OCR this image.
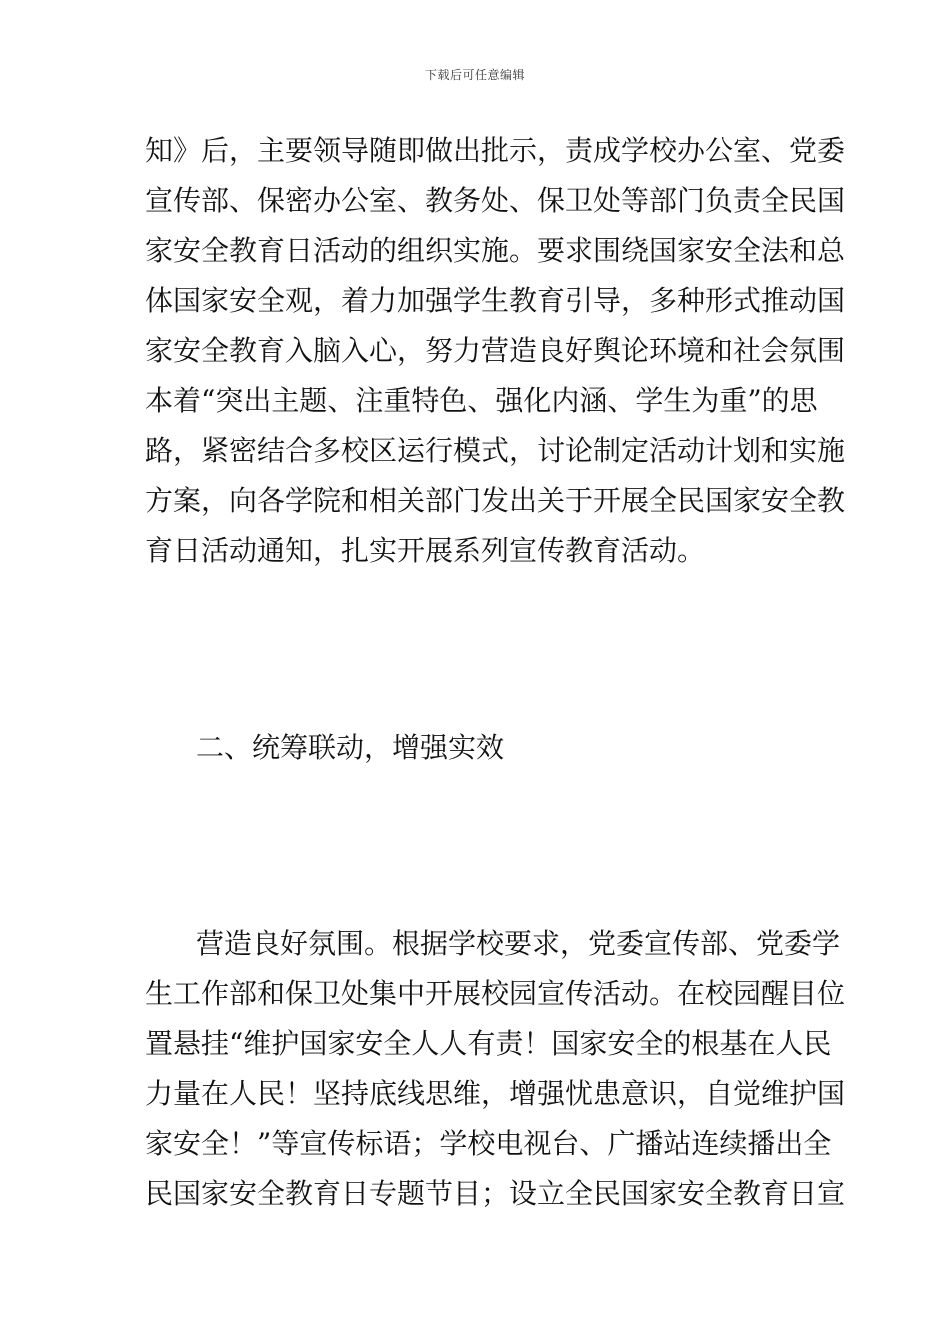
下载后可任意编辑
知》后，主要领导随即做出批示，责成学校办公室、党委
宣传部、保密办公室、教务处、保卫处等部门负责全民国
家安全教育日活动的组织实施。要求围绕国家安全法和总
体国家安全观，着力加强学生教育引导，多种形式推动国
家安全教育入脑入心，努力营造良好舆论环境和社会氛围
本着“突出主题、注重特色、强化内涵、学生为重”的思
路，紧密结合多校区运行模式，讨论制定活动计划和实施
方案，向各学院和相关部门发出关于开展全民国家安全教
育日活动通知，扎实开展系列宣传教育活动。
二、统筹联动，增强实效
营造良好氛围。根据学校要求，党委宣传部、党委学
生工作部和保卫处集中开展校园宣传活动。在校园醒目位
置悬挂“维护国家安全人人有责！国家安全的根基在人民
力量在人民！坚持底线思维，增强忧患意识，自觉维护国
家安全！”等宣传标语；学校电视台、广播站连续播出全
民国家安全教育日专题节目；设立全民国家安全教育日宣
